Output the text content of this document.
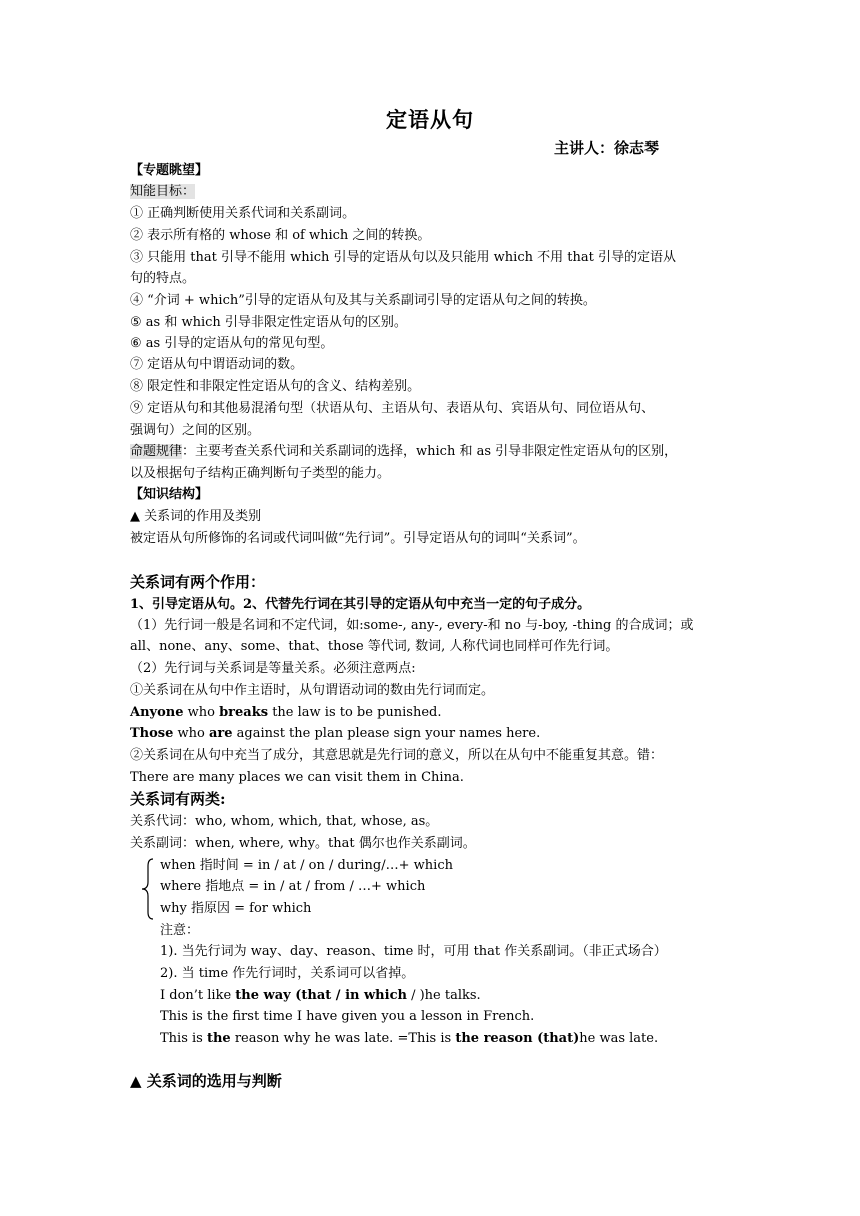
定语从句
主讲人：徐志琴
【专题眺望】
知能目标：
① 正确判断使用关系代词和关系副词。
② 表示所有格的 whose 和 of which 之间的转换。
③ 只能用 that 引导不能用 which 引导的定语从句以及只能用 which 不用 that 引导的定语从
句的特点。
④ “介词 + which”引导的定语从句及其与关系副词引导的定语从句之间的转换。
⑤ as 和 which 引导非限定性定语从句的区别。
⑥ as 引导的定语从句的常见句型。
⑦ 定语从句中谓语动词的数。
⑧ 限定性和非限定性定语从句的含义、结构差别。
⑨ 定语从句和其他易混淆句型（状语从句、主语从句、表语从句、宾语从句、同位语从句、
强调句）之间的区别。
命题规律：主要考查关系代词和关系副词的选择，which 和 as 引导非限定性定语从句的区别，
以及根据句子结构正确判断句子类型的能力。
【知识结构】
▲ 关系词的作用及类别
被定语从句所修饰的名词或代词叫做“先行词”。引导定语从句的词叫“关系词”。
关系词有两个作用：
1、引导定语从句。2、代替先行词在其引导的定语从句中充当一定的句子成分。
（1）先行词一般是名词和不定代词，如:some-, any-, every-和 no 与-boy, -thing 的合成词；或
all、none、any、some、that、those 等代词, 数词, 人称代词也同样可作先行词。
（2）先行词与关系词是等量关系。必须注意两点:
①关系词在从句中作主语时，从句谓语动词的数由先行词而定。
Anyone who breaks the law is to be punished.
Those who are against the plan please sign your names here.
②关系词在从句中充当了成分，其意思就是先行词的意义，所以在从句中不能重复其意。错：
There are many places we can visit them in China.
关系词有两类:
关系代词：who, whom, which, that, whose, as。
关系副词：when, where, why。that 偶尔也作关系副词。
when 指时间 = in / at / on / during/…+ which
where 指地点 = in / at / from / …+ which
why 指原因 = for which
注意：
1). 当先行词为 way、day、reason、time 时，可用 that 作关系副词。（非正式场合）
2). 当 time 作先行词时，关系词可以省掉。
I don’t like the way (that / in which / )he talks.
This is the first time I have given you a lesson in French.
This is the reason why he was late. =This is the reason (that)he was late.
▲ 关系词的选用与判断
